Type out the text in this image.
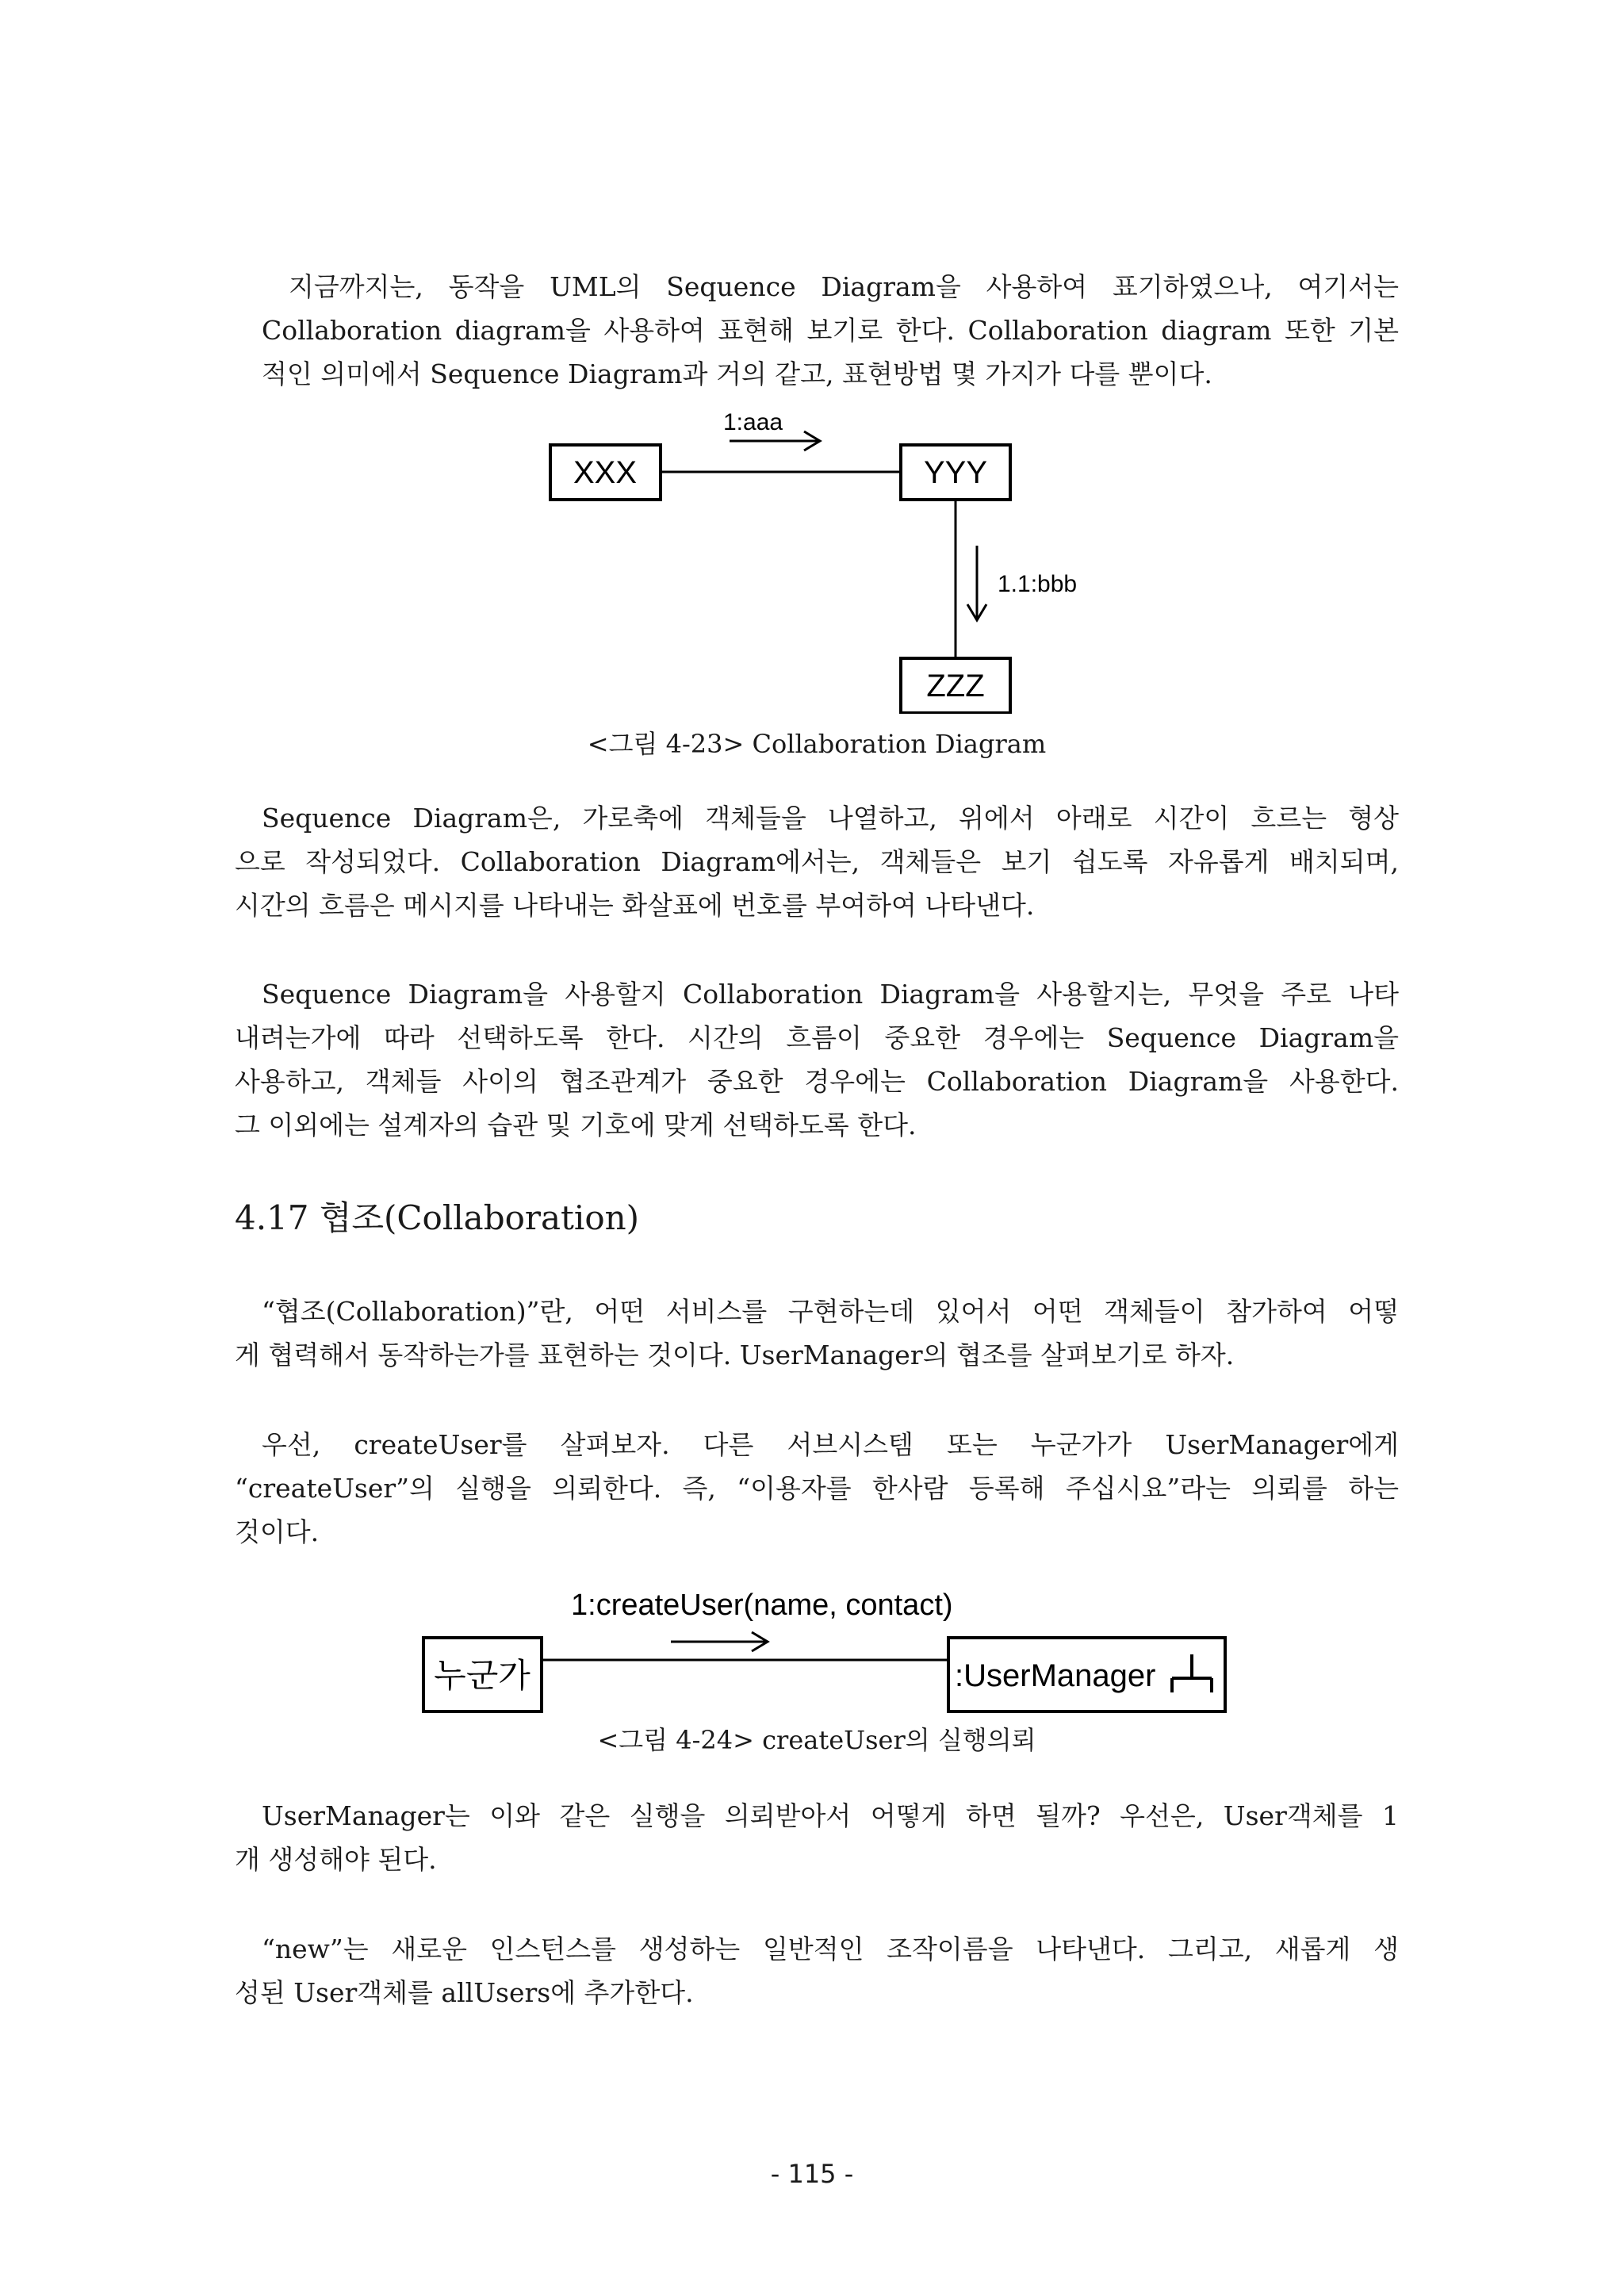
지금까지는, 동작을 UML의 Sequence Diagram을 사용하여 표기하였으나, 여기서는
Collaboration diagram을 사용하여 표현해 보기로 한다. Collaboration diagram 또한 기본
적인 의미에서 Sequence Diagram과 거의 같고, 표현방법 몇 가지가 다를 뿐이다.
XXX	YYY
1:aaa
1.1:bbb
ZZZ
<그림 4-23> Collaboration Diagram
Sequence Diagram은, 가로축에 객체들을 나열하고, 위에서 아래로 시간이 흐르는 형상
으로 작성되었다. Collaboration Diagram에서는, 객체들은 보기 쉽도록 자유롭게 배치되며,
시간의 흐름은 메시지를 나타내는 화살표에 번호를 부여하여 나타낸다.
Sequence Diagram을 사용할지 Collaboration Diagram을 사용할지는, 무엇을 주로 나타
내려는가에 따라 선택하도록 한다. 시간의 흐름이 중요한 경우에는 Sequence Diagram을
사용하고, 객체들 사이의 협조관계가 중요한 경우에는 Collaboration Diagram을 사용한다.
그 이외에는 설계자의 습관 및 기호에 맞게 선택하도록 한다.
4.17 협조(Collaboration)
“협조(Collaboration)”란, 어떤 서비스를 구현하는데 있어서 어떤 객체들이 참가하여 어떻
게 협력해서 동작하는가를 표현하는 것이다. UserManager의 협조를 살펴보기로 하자.
우선, createUser를 살펴보자. 다른 서브시스템 또는 누군가가 UserManager에게
“createUser”의 실행을 의뢰한다. 즉, “이용자를 한사람 등록해 주십시요”라는 의뢰를 하는
것이다.
1:createUser(name, contact)
누군가	:UserManager
<그림 4-24> createUser의 실행의뢰
UserManager는 이와 같은 실행을 의뢰받아서 어떻게 하면 될까? 우선은, User객체를 1
개 생성해야 된다.
“new”는 새로운 인스턴스를 생성하는 일반적인 조작이름을 나타낸다. 그리고, 새롭게 생
성된 User객체를 allUsers에 추가한다.
- 115 -
